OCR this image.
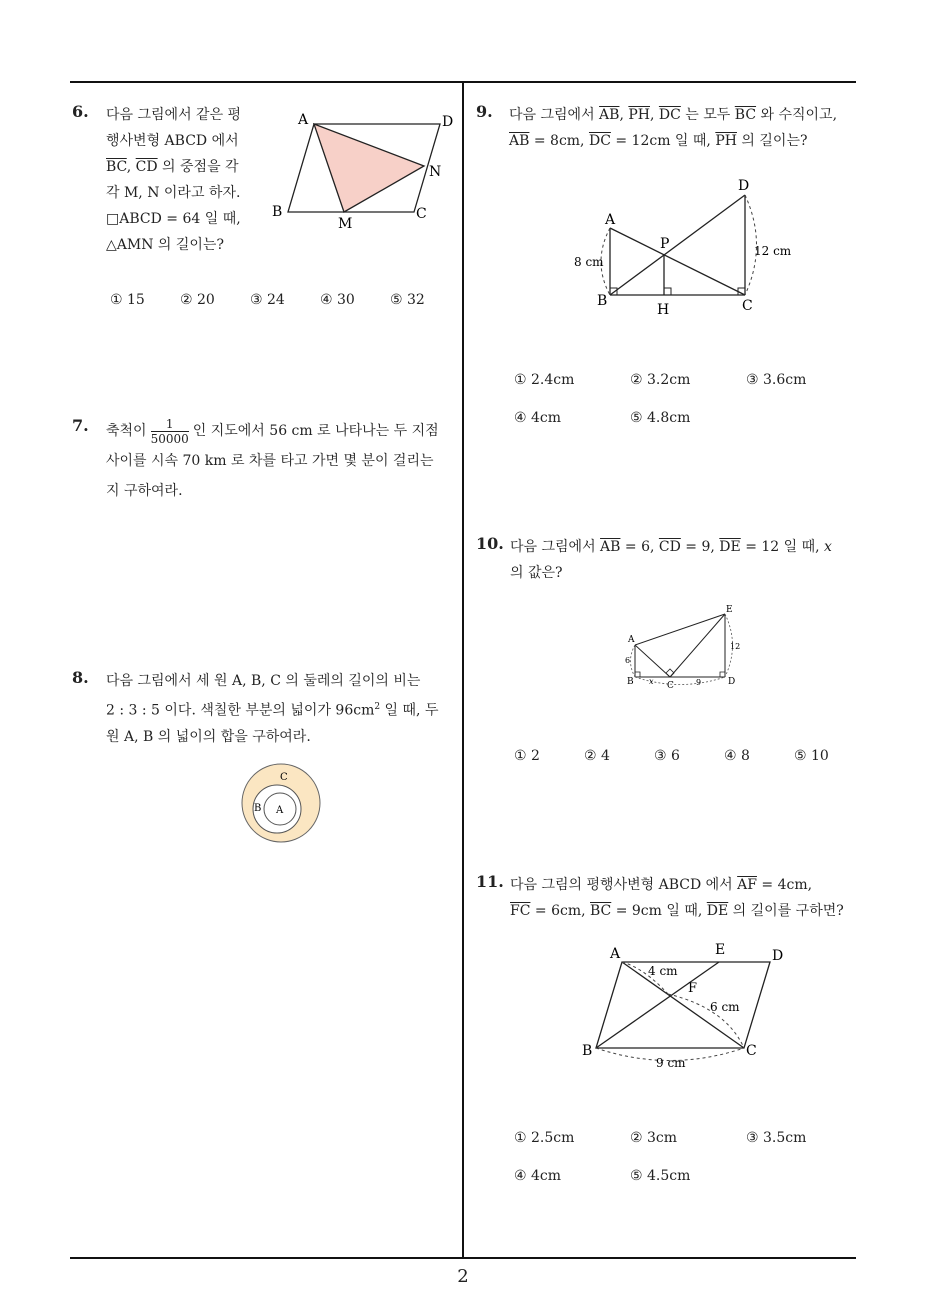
6. 다음 그림에서 같은 평
행사변형 ABCD 에서
$\overline{BC}$, $\overline{CD}$ 의 중점을 각
각 M, N 이라고 하자.
□ABCD = 64 일 때,
△AMN 의 길이는?
A	D
N
B	C
M
① 15	② 20	③ 24	④ 30	⑤ 32
7. 축척이 $\frac{1}{50000}$ 인 지도에서 56 cm 로 나타나는 두 지점
사이를 시속 70 km 로 차를 타고 가면 몇 분이 걸리는
지 구하여라.
8. 다음 그림에서 세 원 A, B, C 의 둘레의 길이의 비는
2 : 3 : 5 이다. 색칠한 부분의 넓이가 $96cm^2$ 일 때, 두
원 A, B 의 넓이의 합을 구하여라.
C
B A
9. 다음 그림에서 $\overline{AB}$, $\overline{PH}$, $\overline{DC}$ 는 모두 $\overline{BC}$ 와 수직이고,
$\overline{AB} = 8cm$, $\overline{DC} = 12cm$ 일 때, $\overline{PH}$ 의 길이는?
A
D
P
B
H	C
8 cm
12 cm
① 2.4cm	② 3.2cm	③ 3.6cm
④ 4cm	⑤ 4.8cm
10. 다음 그림에서 $\overline{AB} = 6$, $\overline{CD} = 9$, $\overline{DE} = 12$ 일 때, x
의 값은?
A
E
6
12
B x C	9	D
① 2	② 4	③ 6	④ 8	⑤ 10
11. 다음 그림의 평행사변형 ABCD 에서 $\overline{AF} = 4cm$,
$\overline{FC} = 6cm$, $\overline{BC} = 9cm$ 일 때, $\overline{DE}$ 의 길이를 구하면?
A	E	D
4 cm
F
6 cm
B	C
9 cm
① 2.5cm	② 3cm	③ 3.5cm
④ 4cm	⑤ 4.5cm
2
